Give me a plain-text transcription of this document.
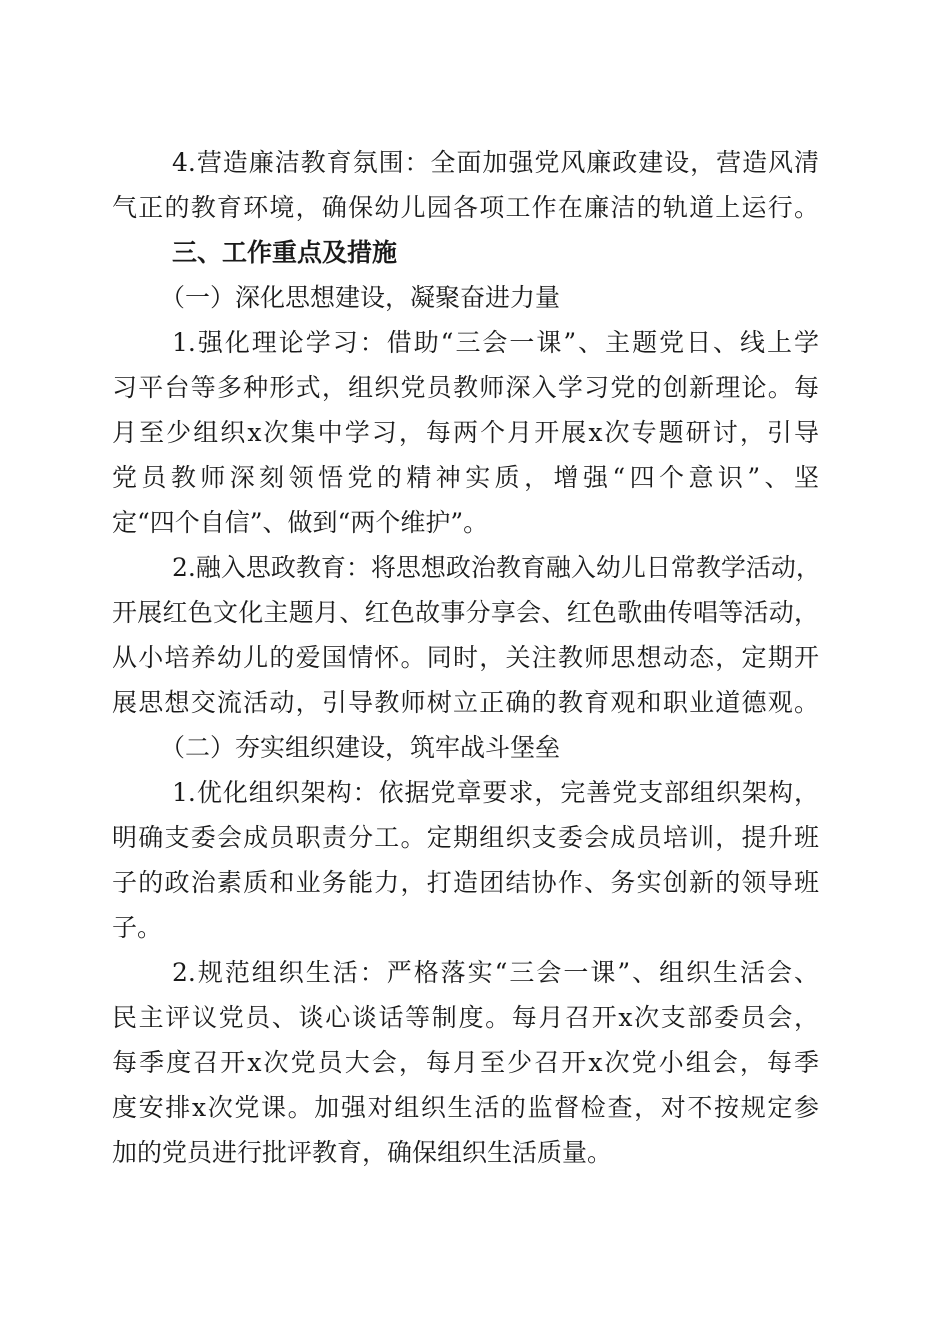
4.营造廉洁教育氛围：全面加强党风廉政建设，营造风清
气正的教育环境，确保幼儿园各项工作在廉洁的轨道上运行。
三、工作重点及措施
（一）深化思想建设，凝聚奋进力量
1.强化理论学习：借助“三会一课”、主题党日、线上学
习平台等多种形式，组织党员教师深入学习党的创新理论。每
月至少组织x次集中学习，每两个月开展x次专题研讨，引导
党员教师深刻领悟党的精神实质，增强“四个意识”、坚
定“四个自信”、做到“两个维护”。
2.融入思政教育：将思想政治教育融入幼儿日常教学活动，
开展红色文化主题月、红色故事分享会、红色歌曲传唱等活动，
从小培养幼儿的爱国情怀。同时，关注教师思想动态，定期开
展思想交流活动，引导教师树立正确的教育观和职业道德观。
（二）夯实组织建设，筑牢战斗堡垒
1.优化组织架构：依据党章要求，完善党支部组织架构，
明确支委会成员职责分工。定期组织支委会成员培训，提升班
子的政治素质和业务能力，打造团结协作、务实创新的领导班
子。
2.规范组织生活：严格落实“三会一课”、组织生活会、
民主评议党员、谈心谈话等制度。每月召开x次支部委员会，
每季度召开x次党员大会，每月至少召开x次党小组会，每季
度安排x次党课。加强对组织生活的监督检查，对不按规定参
加的党员进行批评教育，确保组织生活质量。
